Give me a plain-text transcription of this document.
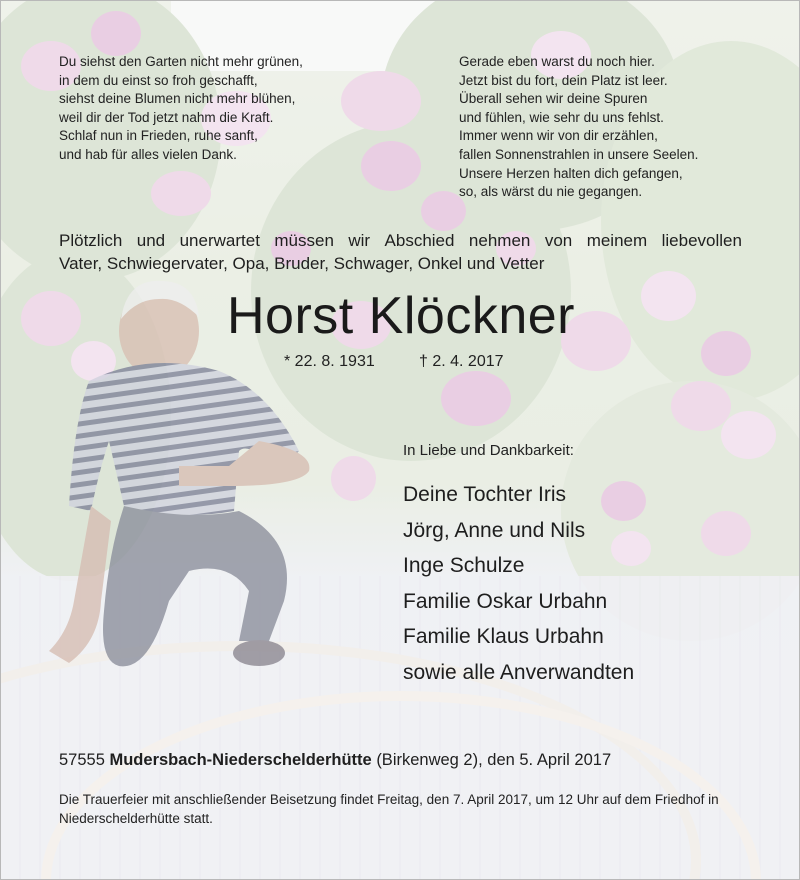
Du siehst den Garten nicht mehr grünen,
in dem du einst so froh geschafft,
siehst deine Blumen nicht mehr blühen,
weil dir der Tod jetzt nahm die Kraft.
Schlaf nun in Frieden, ruhe sanft,
und hab für alles vielen Dank.
Gerade eben warst du noch hier.
Jetzt bist du fort, dein Platz ist leer.
Überall sehen wir deine Spuren
und fühlen, wie sehr du uns fehlst.
Immer wenn wir von dir erzählen,
fallen Sonnenstrahlen in unsere Seelen.
Unsere Herzen halten dich gefangen,
so, als wärst du nie gegangen.
Plötzlich und unerwartet müssen wir Abschied nehmen von meinem liebevollen
Vater, Schwiegervater, Opa, Bruder, Schwager, Onkel und Vetter
Horst Klöckner
* 22. 8. 1931	† 2. 4. 2017
In Liebe und Dankbarkeit:
Deine Tochter Iris
Jörg, Anne und Nils
Inge Schulze
Familie Oskar Urbahn
Familie Klaus Urbahn
sowie alle Anverwandten
57555 Mudersbach-Niederschelderhütte (Birkenweg 2), den 5. April 2017
Die Trauerfeier mit anschließender Beisetzung findet Freitag, den 7. April 2017, um 12 Uhr auf dem Friedhof in Niederschelderhütte statt.
